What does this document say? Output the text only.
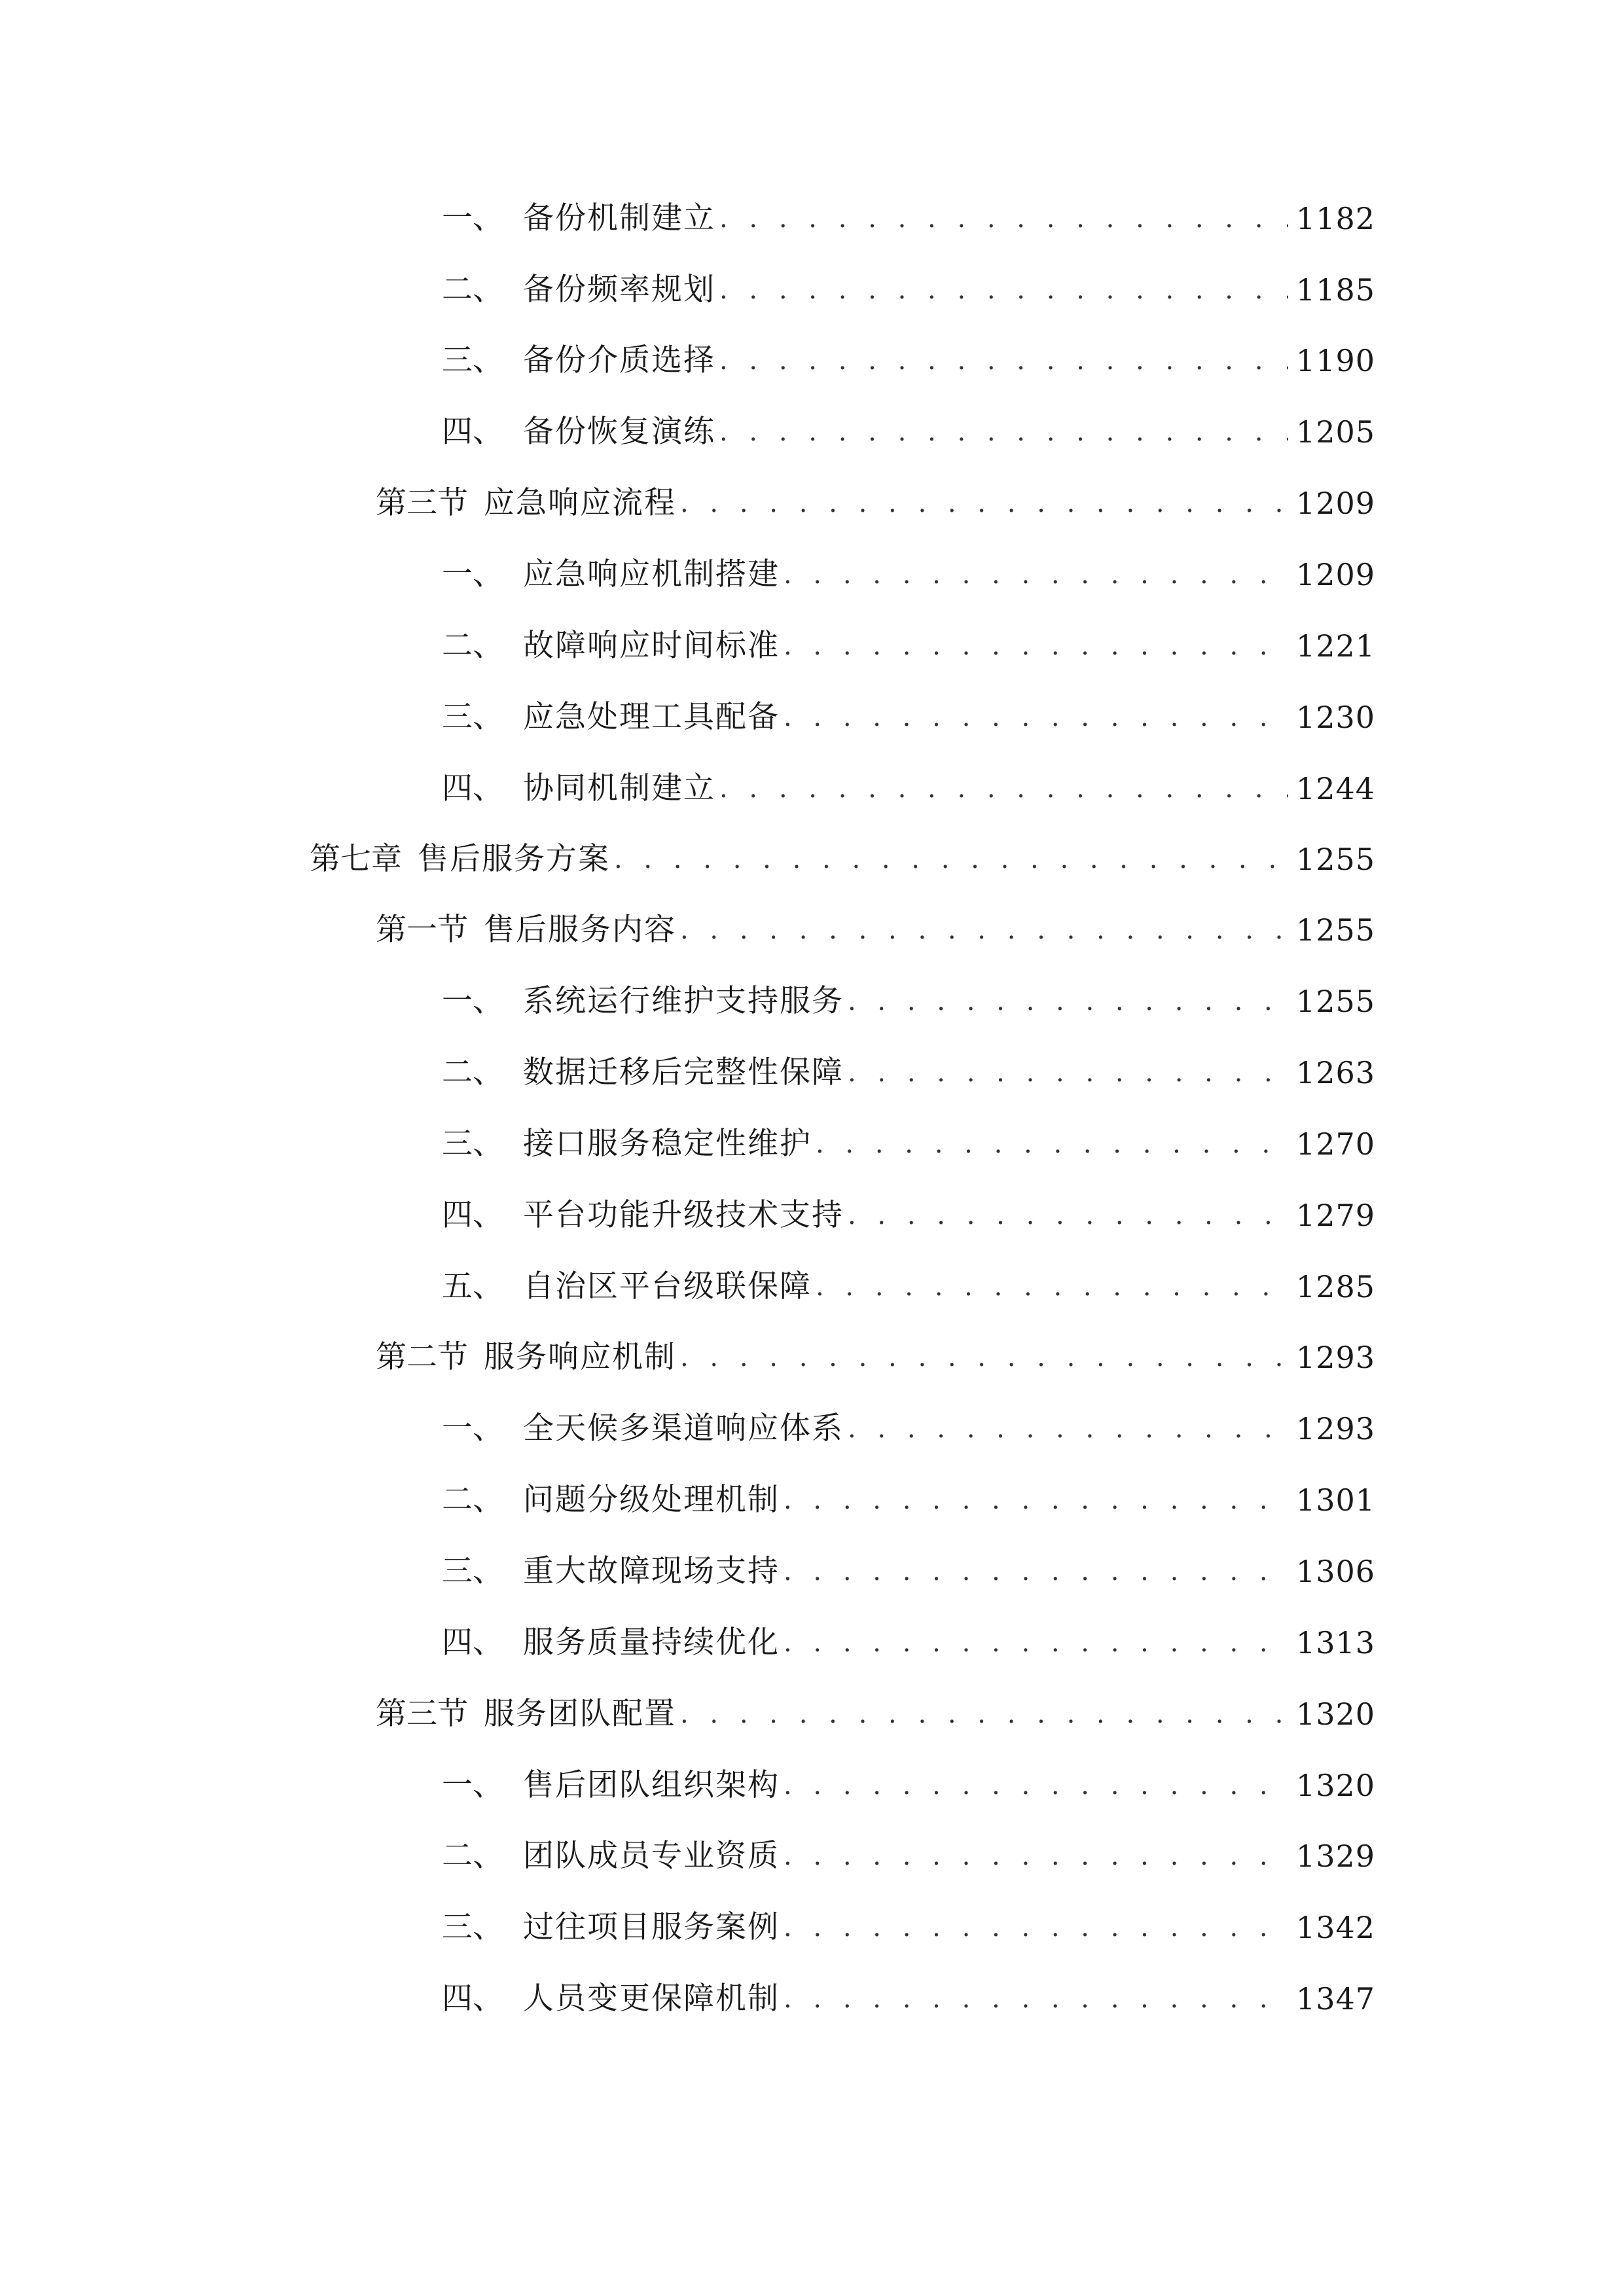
一、 备份机制建立 . . .	1182
二、 备份频率规划 . . .	1185
三、 备份介质选择 . . .	1190
四、 备份恢复演练 . . .	1205
第三节 应急响应流程 . . .	1209
一、 应急响应机制搭建 . . .	1209
二、 故障响应时间标准 . . .	1221
三、 应急处理工具配备 . . .	1230
四、 协同机制建立 . . .	1244
第七章 售后服务方案 . . .	1255
第一节 售后服务内容 . . .	1255
一、 系统运行维护支持服务 . . .	1255
二、 数据迁移后完整性保障 . . .	1263
三、 接口服务稳定性维护 . . .	1270
四、 平台功能升级技术支持 . . .	1279
五、 自治区平台级联保障 . . .	1285
第二节 服务响应机制 . . .	1293
一、 全天候多渠道响应体系 . . .	1293
二、 问题分级处理机制 . . .	1301
三、 重大故障现场支持 . . .	1306
四、 服务质量持续优化 . . .	1313
第三节 服务团队配置 . . .	1320
一、 售后团队组织架构 . . .	1320
二、 团队成员专业资质 . . .	1329
三、 过往项目服务案例 . . .	1342
四、 人员变更保障机制 . . .	1347
